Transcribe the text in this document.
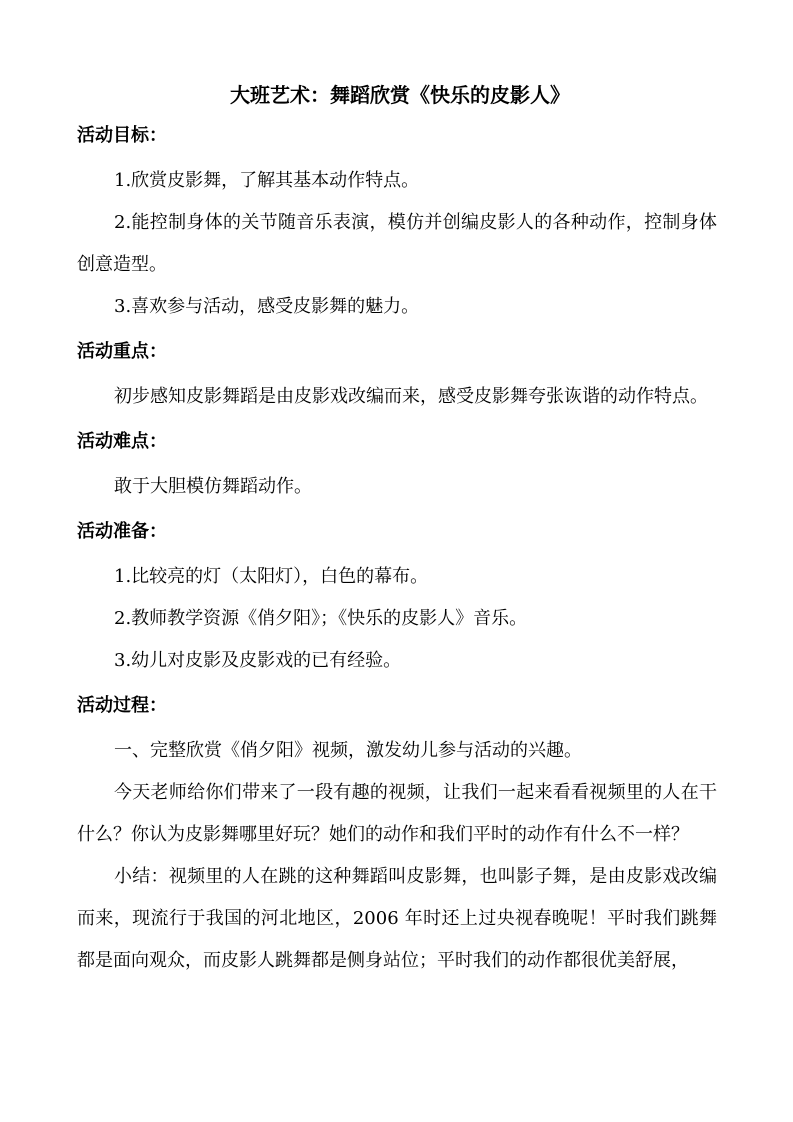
大班艺术：舞蹈欣赏《快乐的皮影人》
活动目标：

1.欣赏皮影舞，了解其基本动作特点。

2.能控制身体的关节随音乐表演，模仿并创编皮影人的各种动作，控制身体创意造型。

3.喜欢参与活动，感受皮影舞的魅力。

活动重点：

初步感知皮影舞蹈是由皮影戏改编而来，感受皮影舞夸张诙谐的动作特点。

活动难点：

敢于大胆模仿舞蹈动作。

活动准备：

1.比较亮的灯（太阳灯），白色的幕布。

2.教师教学资源《俏夕阳》；《快乐的皮影人》音乐。

3.幼儿对皮影及皮影戏的已有经验。

活动过程：

一、完整欣赏《俏夕阳》视频，激发幼儿参与活动的兴趣。

今天老师给你们带来了一段有趣的视频，让我们一起来看看视频里的人在干什么？你认为皮影舞哪里好玩？她们的动作和我们平时的动作有什么不一样？

小结：视频里的人在跳的这种舞蹈叫皮影舞，也叫影子舞，是由皮影戏改编而来，现流行于我国的河北地区，2006 年时还上过央视春晚呢！平时我们跳舞都是面向观众，而皮影人跳舞都是侧身站位；平时我们的动作都很优美舒展，
